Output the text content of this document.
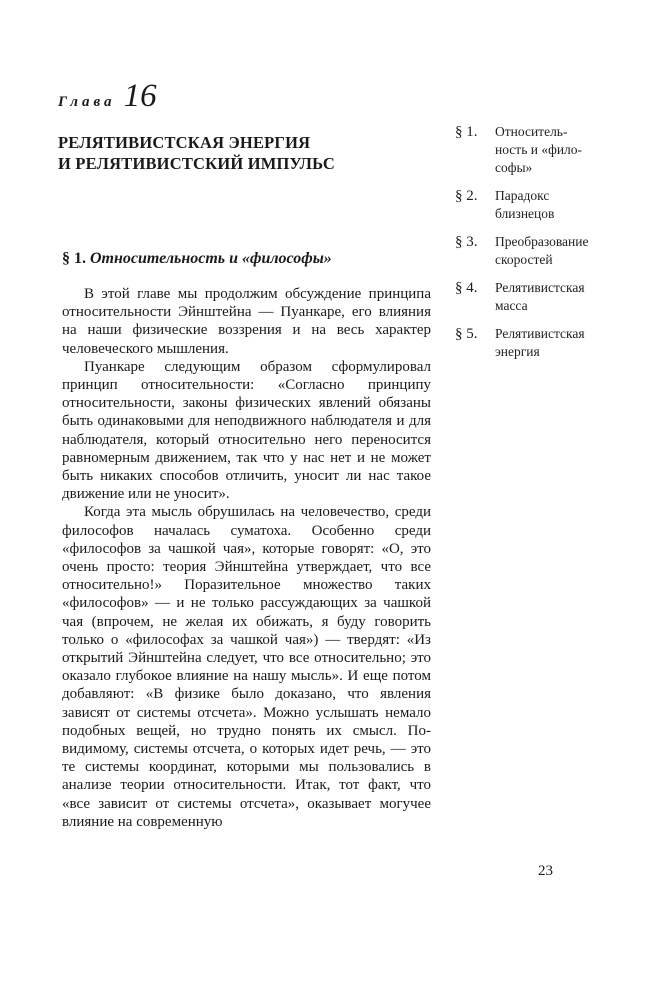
Глава 16
РЕЛЯТИВИСТСКАЯ ЭНЕРГИЯ
И РЕЛЯТИВИСТСКИЙ ИМПУЛЬС
§ 1. Относительность и «философы»

В этой главе мы продолжим обсуждение принципа относительности Эйнштейна — Пуанкаре, его влияния на наши физические воззрения и на весь характер человеческого мышления.

Пуанкаре следующим образом сформулировал принцип относительности: «Согласно принципу относительности, законы физических явлений обязаны быть одинаковыми для неподвижного наблюдателя и для наблюдателя, который относительно него переносится равномерным движением, так что у нас нет и не может быть никаких способов отличить, уносит ли нас такое движение или не уносит».

Когда эта мысль обрушилась на человечество, среди философов началась суматоха. Особенно среди «философов за чашкой чая», которые говорят: «О, это очень просто: теория Эйнштейна утверждает, что все относительно!» Поразительное множество таких «философов» — и не только рассуждающих за чашкой чая (впрочем, не желая их обижать, я буду говорить только о «философах за чашкой чая») — твердят: «Из открытий Эйнштейна следует, что все относительно; это оказало глубокое влияние на нашу мысль». И еще потом добавляют: «В физике было доказано, что явления зависят от системы отсчета». Можно услышать немало подобных вещей, но трудно понять их смысл. По-видимому, системы отсчета, о которых идет речь, — это те системы координат, которыми мы пользовались в анализе теории относительности. Итак, тот факт, что «все зависит от системы отсчета», оказывает могучее влияние на современную

§ 1.	Относитель-
ность и «фило-
софы»
§ 2.	Парадокс
близнецов
§ 3.	Преобразование
скоростей
§ 4.	Релятивистская
масса
§ 5.	Релятивистская
энергия
23
